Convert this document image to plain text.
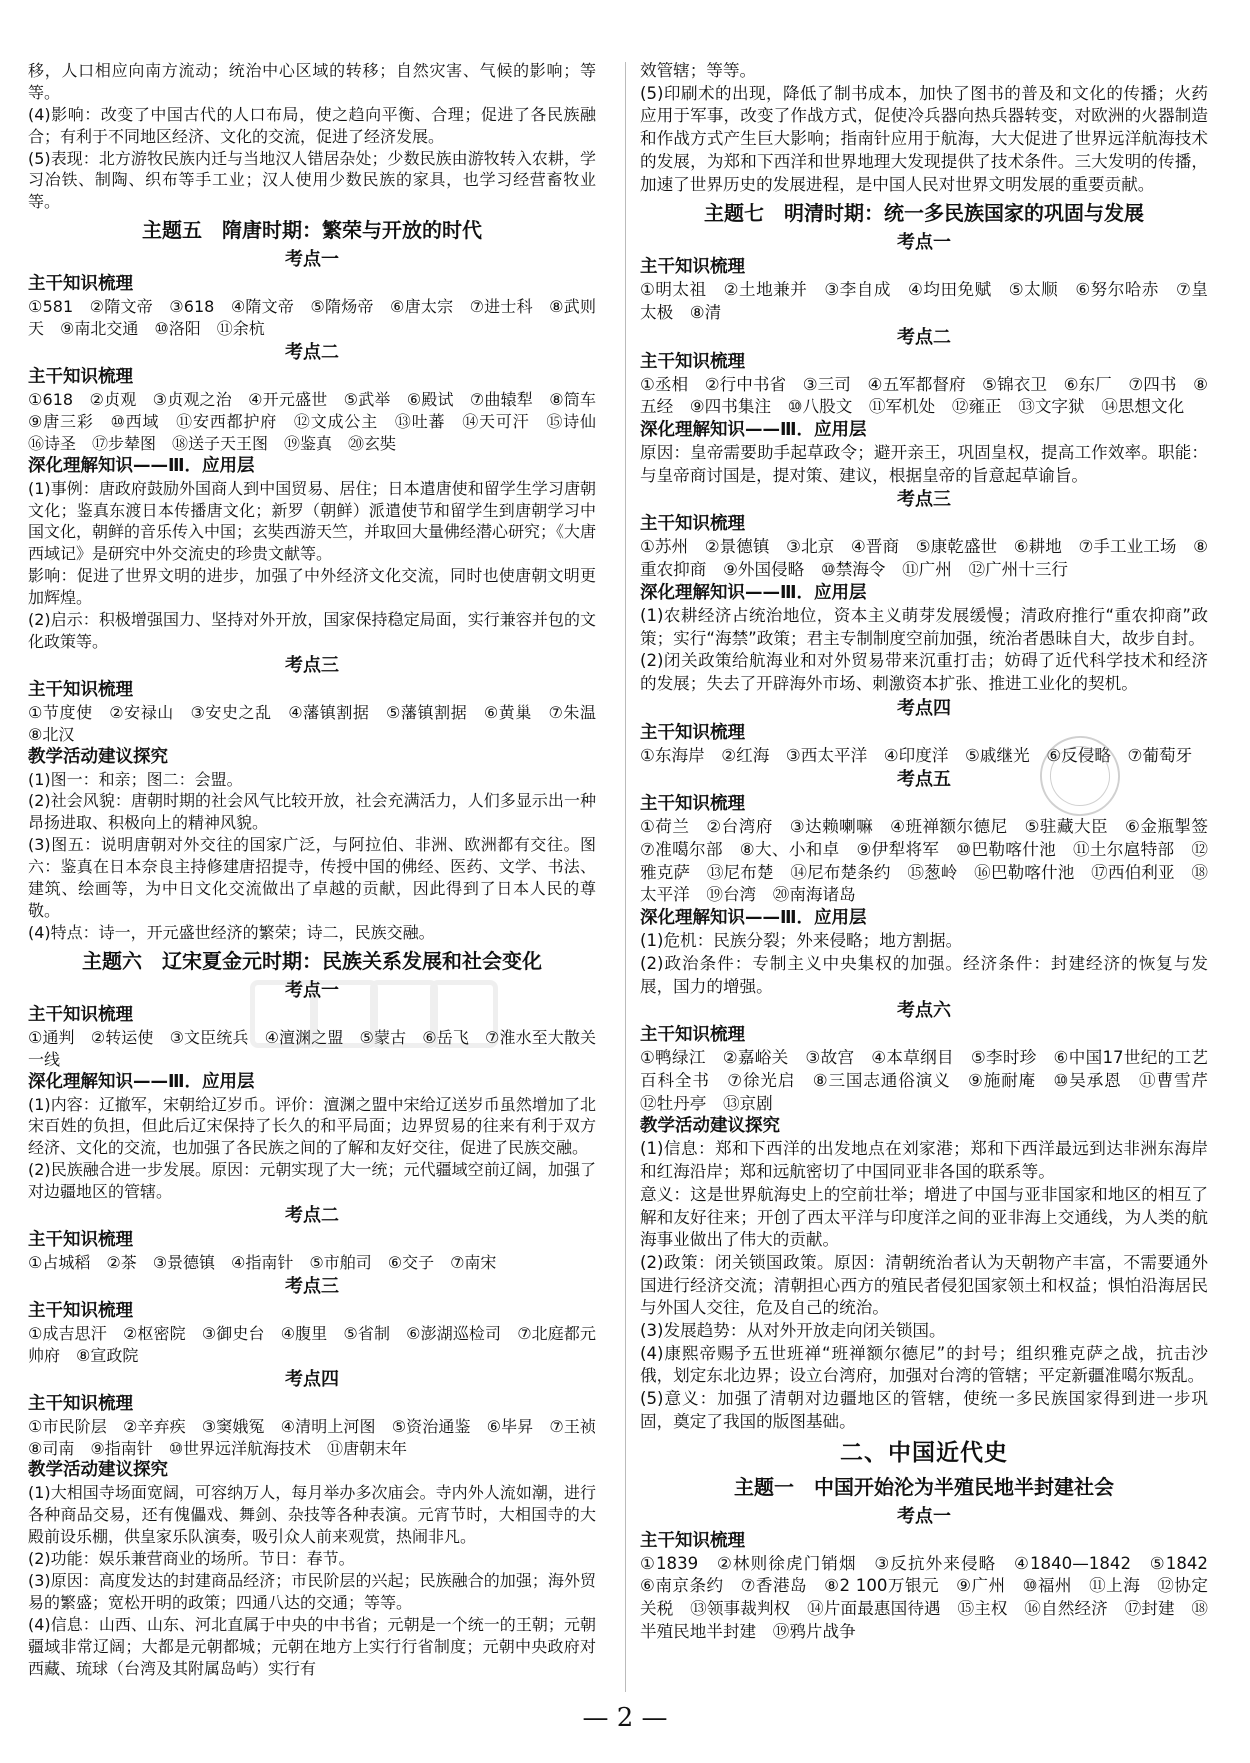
移，人口相应向南方流动；统治中心区域的转移；自然灾害、气候的影响；等等。
(4)影响：改变了中国古代的人口布局，使之趋向平衡、合理；促进了各民族融合；有利于不同地区经济、文化的交流，促进了经济发展。
(5)表现：北方游牧民族内迁与当地汉人错居杂处；少数民族由游牧转入农耕，学习冶铁、制陶、织布等手工业；汉人使用少数民族的家具，也学习经营畜牧业等。
主题五　隋唐时期：繁荣与开放的时代
考点一
主干知识梳理
①581　②隋文帝　③618　④隋文帝　⑤隋炀帝　⑥唐太宗　⑦进士科　⑧武则天　⑨南北交通　⑩洛阳　⑪余杭
考点二
主干知识梳理
①618　②贞观　③贞观之治　④开元盛世　⑤武举　⑥殿试　⑦曲辕犁　⑧筒车　⑨唐三彩　⑩西域　⑪安西都护府　⑫文成公主　⑬吐蕃　⑭天可汗　⑮诗仙　⑯诗圣　⑰步辇图　⑱送子天王图　⑲鉴真　⑳玄奘
深化理解知识——Ⅲ．应用层
(1)事例：唐政府鼓励外国商人到中国贸易、居住；日本遣唐使和留学生学习唐朝文化；鉴真东渡日本传播唐文化；新罗（朝鲜）派遣使节和留学生到唐朝学习中国文化，朝鲜的音乐传入中国；玄奘西游天竺，并取回大量佛经潜心研究；《大唐西域记》是研究中外交流史的珍贵文献等。
影响：促进了世界文明的进步，加强了中外经济文化交流，同时也使唐朝文明更加辉煌。
(2)启示：积极增强国力、坚持对外开放，国家保持稳定局面，实行兼容并包的文化政策等。
考点三
主干知识梳理
①节度使　②安禄山　③安史之乱　④藩镇割据　⑤藩镇割据　⑥黄巢　⑦朱温　⑧北汉
教学活动建议探究
(1)图一：和亲；图二：会盟。
(2)社会风貌：唐朝时期的社会风气比较开放，社会充满活力，人们多显示出一种昂扬进取、积极向上的精神风貌。
(3)图五：说明唐朝对外交往的国家广泛，与阿拉伯、非洲、欧洲都有交往。图六：鉴真在日本奈良主持修建唐招提寺，传授中国的佛经、医药、文学、书法、建筑、绘画等，为中日文化交流做出了卓越的贡献，因此得到了日本人民的尊敬。
(4)特点：诗一，开元盛世经济的繁荣；诗二，民族交融。
主题六　辽宋夏金元时期：民族关系发展和社会变化
考点一
主干知识梳理
①通判　②转运使　③文臣统兵　④澶渊之盟　⑤蒙古　⑥岳飞　⑦淮水至大散关一线
深化理解知识——Ⅲ．应用层
(1)内容：辽撤军，宋朝给辽岁币。评价：澶渊之盟中宋给辽送岁币虽然增加了北宋百姓的负担，但此后辽宋保持了长久的和平局面；边界贸易的往来有利于双方经济、文化的交流，也加强了各民族之间的了解和友好交往，促进了民族交融。
(2)民族融合进一步发展。原因：元朝实现了大一统；元代疆域空前辽阔，加强了对边疆地区的管辖。
考点二
主干知识梳理
①占城稻　②茶　③景德镇　④指南针　⑤市舶司　⑥交子　⑦南宋
考点三
主干知识梳理
①成吉思汗　②枢密院　③御史台　④腹里　⑤省制　⑥澎湖巡检司　⑦北庭都元帅府　⑧宣政院
考点四
主干知识梳理
①市民阶层　②辛弃疾　③窦娥冤　④清明上河图　⑤资治通鉴　⑥毕昇　⑦王祯　⑧司南　⑨指南针　⑩世界远洋航海技术　⑪唐朝末年
教学活动建议探究
(1)大相国寺场面宽阔，可容纳万人，每月举办多次庙会。寺内外人流如潮，进行各种商品交易，还有傀儡戏、舞剑、杂技等各种表演。元宵节时，大相国寺的大殿前设乐棚，供皇家乐队演奏，吸引众人前来观赏，热闹非凡。
(2)功能：娱乐兼营商业的场所。节日：春节。
(3)原因：高度发达的封建商品经济；市民阶层的兴起；民族融合的加强；海外贸易的繁盛；宽松开明的政策；四通八达的交通；等等。
(4)信息：山西、山东、河北直属于中央的中书省；元朝是一个统一的王朝；元朝疆域非常辽阔；大都是元朝都城；元朝在地方上实行行省制度；元朝中央政府对西藏、琉球（台湾及其附属岛屿）实行有
效管辖；等等。
(5)印刷术的出现，降低了制书成本，加快了图书的普及和文化的传播；火药应用于军事，改变了作战方式，促使冷兵器向热兵器转变，对欧洲的火器制造和作战方式产生巨大影响；指南针应用于航海，大大促进了世界远洋航海技术的发展，为郑和下西洋和世界地理大发现提供了技术条件。三大发明的传播，加速了世界历史的发展进程，是中国人民对世界文明发展的重要贡献。
主题七　明清时期：统一多民族国家的巩固与发展
考点一
主干知识梳理
①明太祖　②土地兼并　③李自成　④均田免赋　⑤太顺　⑥努尔哈赤　⑦皇太极　⑧清
考点二
主干知识梳理
①丞相　②行中书省　③三司　④五军都督府　⑤锦衣卫　⑥东厂　⑦四书　⑧五经　⑨四书集注　⑩八股文　⑪军机处　⑫雍正　⑬文字狱　⑭思想文化
深化理解知识——Ⅲ．应用层
原因：皇帝需要助手起草政令；避开亲王，巩固皇权，提高工作效率。职能：与皇帝商讨国是，提对策、建议，根据皇帝的旨意起草谕旨。
考点三
主干知识梳理
①苏州　②景德镇　③北京　④晋商　⑤康乾盛世　⑥耕地　⑦手工业工场　⑧重农抑商　⑨外国侵略　⑩禁海令　⑪广州　⑫广州十三行
深化理解知识——Ⅲ．应用层
(1)农耕经济占统治地位，资本主义萌芽发展缓慢；清政府推行“重农抑商”政策；实行“海禁”政策；君主专制制度空前加强，统治者愚昧自大，故步自封。
(2)闭关政策给航海业和对外贸易带来沉重打击；妨碍了近代科学技术和经济的发展；失去了开辟海外市场、刺激资本扩张、推进工业化的契机。
考点四
主干知识梳理
①东海岸　②红海　③西太平洋　④印度洋　⑤戚继光　⑥反侵略　⑦葡萄牙
考点五
主干知识梳理
①荷兰　②台湾府　③达赖喇嘛　④班禅额尔德尼　⑤驻藏大臣　⑥金瓶掣签　⑦准噶尔部　⑧大、小和卓　⑨伊犁将军　⑩巴勒喀什池　⑪土尔扈特部　⑫雅克萨　⑬尼布楚　⑭尼布楚条约　⑮葱岭　⑯巴勒喀什池　⑰西伯利亚　⑱太平洋　⑲台湾　⑳南海诸岛
深化理解知识——Ⅲ．应用层
(1)危机：民族分裂；外来侵略；地方割据。
(2)政治条件：专制主义中央集权的加强。经济条件：封建经济的恢复与发展，国力的增强。
考点六
主干知识梳理
①鸭绿江　②嘉峪关　③故宫　④本草纲目　⑤李时珍　⑥中国17世纪的工艺百科全书　⑦徐光启　⑧三国志通俗演义　⑨施耐庵　⑩吴承恩　⑪曹雪芹　⑫牡丹亭　⑬京剧
教学活动建议探究
(1)信息：郑和下西洋的出发地点在刘家港；郑和下西洋最远到达非洲东海岸和红海沿岸；郑和远航密切了中国同亚非各国的联系等。
意义：这是世界航海史上的空前壮举；增进了中国与亚非国家和地区的相互了解和友好往来；开创了西太平洋与印度洋之间的亚非海上交通线，为人类的航海事业做出了伟大的贡献。
(2)政策：闭关锁国政策。原因：清朝统治者认为天朝物产丰富，不需要通外国进行经济交流；清朝担心西方的殖民者侵犯国家领土和权益；惧怕沿海居民与外国人交往，危及自己的统治。
(3)发展趋势：从对外开放走向闭关锁国。
(4)康熙帝赐予五世班禅“班禅额尔德尼”的封号；组织雅克萨之战，抗击沙俄，划定东北边界；设立台湾府，加强对台湾的管辖；平定新疆准噶尔叛乱。
(5)意义：加强了清朝对边疆地区的管辖，使统一多民族国家得到进一步巩固，奠定了我国的版图基础。
二、中国近代史
主题一　中国开始沦为半殖民地半封建社会
考点一
主干知识梳理
①1839　②林则徐虎门销烟　③反抗外来侵略　④1840—1842　⑤1842　⑥南京条约　⑦香港岛　⑧2 100万银元　⑨广州　⑩福州　⑪上海　⑫协定关税　⑬领事裁判权　⑭片面最惠国待遇　⑮主权　⑯自然经济　⑰封建　⑱半殖民地半封建　⑲鸦片战争
— 2 —
